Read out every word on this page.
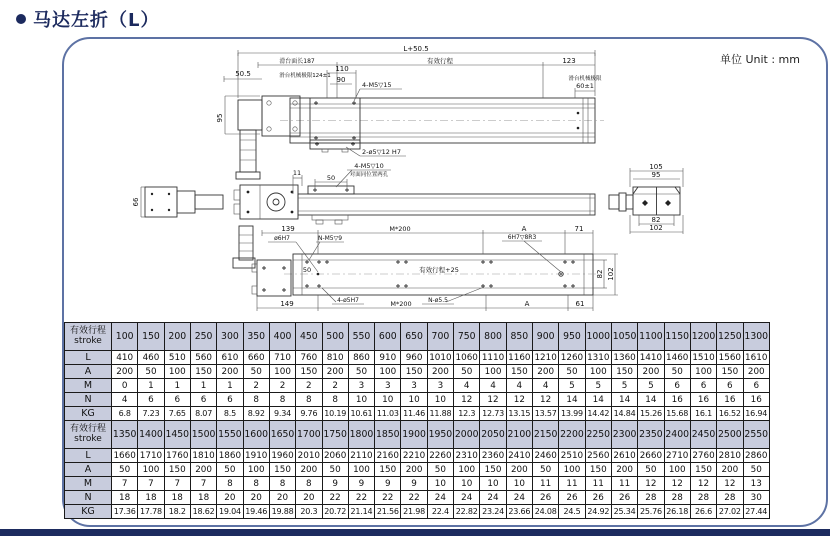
马达左折（L）
单位 Unit : mm
L+50.5
滑台面长187	有效行程	123
50.5	滑台机械极限124±1
110
90
4-M5▽15
滑台机械极限
60±1
95
2-ø5▽12 H7
66
11
50
4-M5▽10
对面同位置两孔
105
95
82
102
139	M*200	A	71
ø6H7	N-M5▽9	6H7▽8R3
50	有效行程+25
149	M*200	A	61
4-ø5H7	N-ø5.5
82 102
有效行程
stroke	100	150	200	250	300	350	400	450	500	550	600	650	700	750	800	850	900	950	1000	1050	1100	1150	1200	1250	1300
L	410	460	510	560	610	660	710	760	810	860	910	960	1010	1060	1110	1160	1210	1260	1310	1360	1410	1460	1510	1560	1610
A	200	50	100	150	200	50	100	150	200	50	100	150	200	50	100	150	200	50	100	150	200	50	100	150	200
M	0	1	1	1	1	2	2	2	2	3	3	3	3	4	4	4	4	5	5	5	5	6	6	6	6
N	4	6	6	6	6	8	8	8	8	10	10	10	10	12	12	12	12	14	14	14	14	16	16	16	16
KG	6.8	7.23	7.65	8.07	8.5	8.92	9.34	9.76	10.19	10.61	11.03	11.46	11.88	12.3	12.73	13.15	13.57	13.99	14.42	14.84	15.26	15.68	16.1	16.52	16.94
有效行程
stroke	1350	1400	1450	1500	1550	1600	1650	1700	1750	1800	1850	1900	1950	2000	2050	2100	2150	2200	2250	2300	2350	2400	2450	2500	2550
L	1660	1710	1760	1810	1860	1910	1960	2010	2060	2110	2160	2210	2260	2310	2360	2410	2460	2510	2560	2610	2660	2710	2760	2810	2860
A	50	100	150	200	50	100	150	200	50	100	150	200	50	100	150	200	50	100	150	200	50	100	150	200	50
M	7	7	7	7	8	8	8	8	9	9	9	9	10	10	10	10	11	11	11	11	12	12	12	12	13
N	18	18	18	18	20	20	20	20	22	22	22	22	24	24	24	24	26	26	26	26	28	28	28	28	30
KG	17.36	17.78	18.2	18.62	19.04	19.46	19.88	20.3	20.72	21.14	21.56	21.98	22.4	22.82	23.24	23.66	24.08	24.5	24.92	25.34	25.76	26.18	26.6	27.02	27.44
